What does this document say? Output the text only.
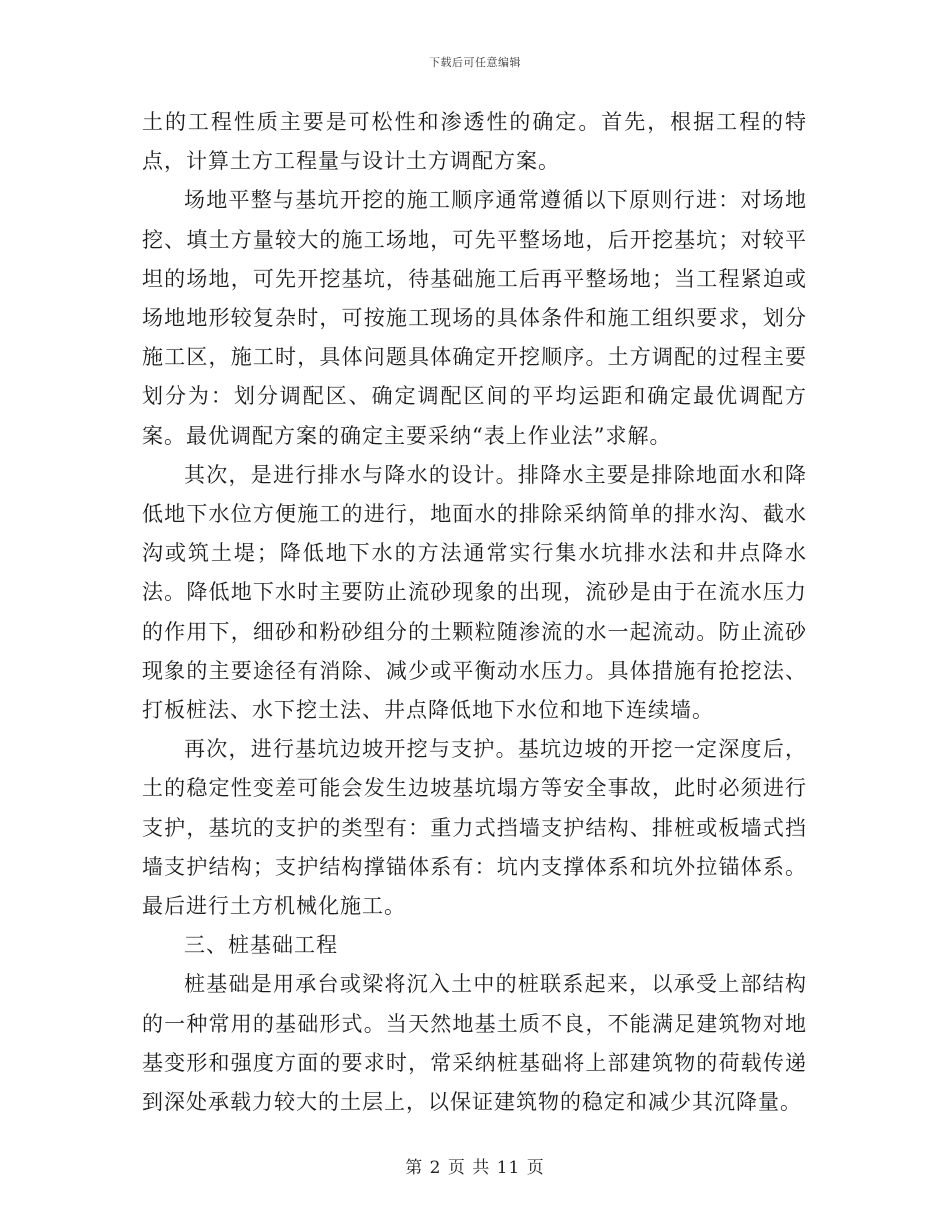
下载后可任意编辑

土的工程性质主要是可松性和渗透性的确定。首先，根据工程的特点，计算土方工程量与设计土方调配方案。

场地平整与基坑开挖的施工顺序通常遵循以下原则行进：对场地挖、填土方量较大的施工场地，可先平整场地，后开挖基坑；对较平坦的场地，可先开挖基坑，待基础施工后再平整场地；当工程紧迫或场地地形较复杂时，可按施工现场的具体条件和施工组织要求，划分施工区，施工时，具体问题具体确定开挖顺序。土方调配的过程主要划分为：划分调配区、确定调配区间的平均运距和确定最优调配方案。最优调配方案的确定主要采纳“表上作业法”求解。

其次，是进行排水与降水的设计。排降水主要是排除地面水和降低地下水位方便施工的进行，地面水的排除采纳简单的排水沟、截水沟或筑土堤；降低地下水的方法通常实行集水坑排水法和井点降水法。降低地下水时主要防止流砂现象的出现，流砂是由于在流水压力的作用下，细砂和粉砂组分的土颗粒随渗流的水一起流动。防止流砂现象的主要途径有消除、减少或平衡动水压力。具体措施有抢挖法、打板桩法、水下挖土法、井点降低地下水位和地下连续墙。

再次，进行基坑边坡开挖与支护。基坑边坡的开挖一定深度后，土的稳定性变差可能会发生边坡基坑塌方等安全事故，此时必须进行支护，基坑的支护的类型有：重力式挡墙支护结构、排桩或板墙式挡墙支护结构；支护结构撑锚体系有：坑内支撑体系和坑外拉锚体系。最后进行土方机械化施工。

三、桩基础工程

桩基础是用承台或梁将沉入土中的桩联系起来，以承受上部结构的一种常用的基础形式。当天然地基土质不良，不能满足建筑物对地基变形和强度方面的要求时，常采纳桩基础将上部建筑物的荷载传递到深处承载力较大的土层上，以保证建筑物的稳定和减少其沉降量。

第 2 页 共 11 页
